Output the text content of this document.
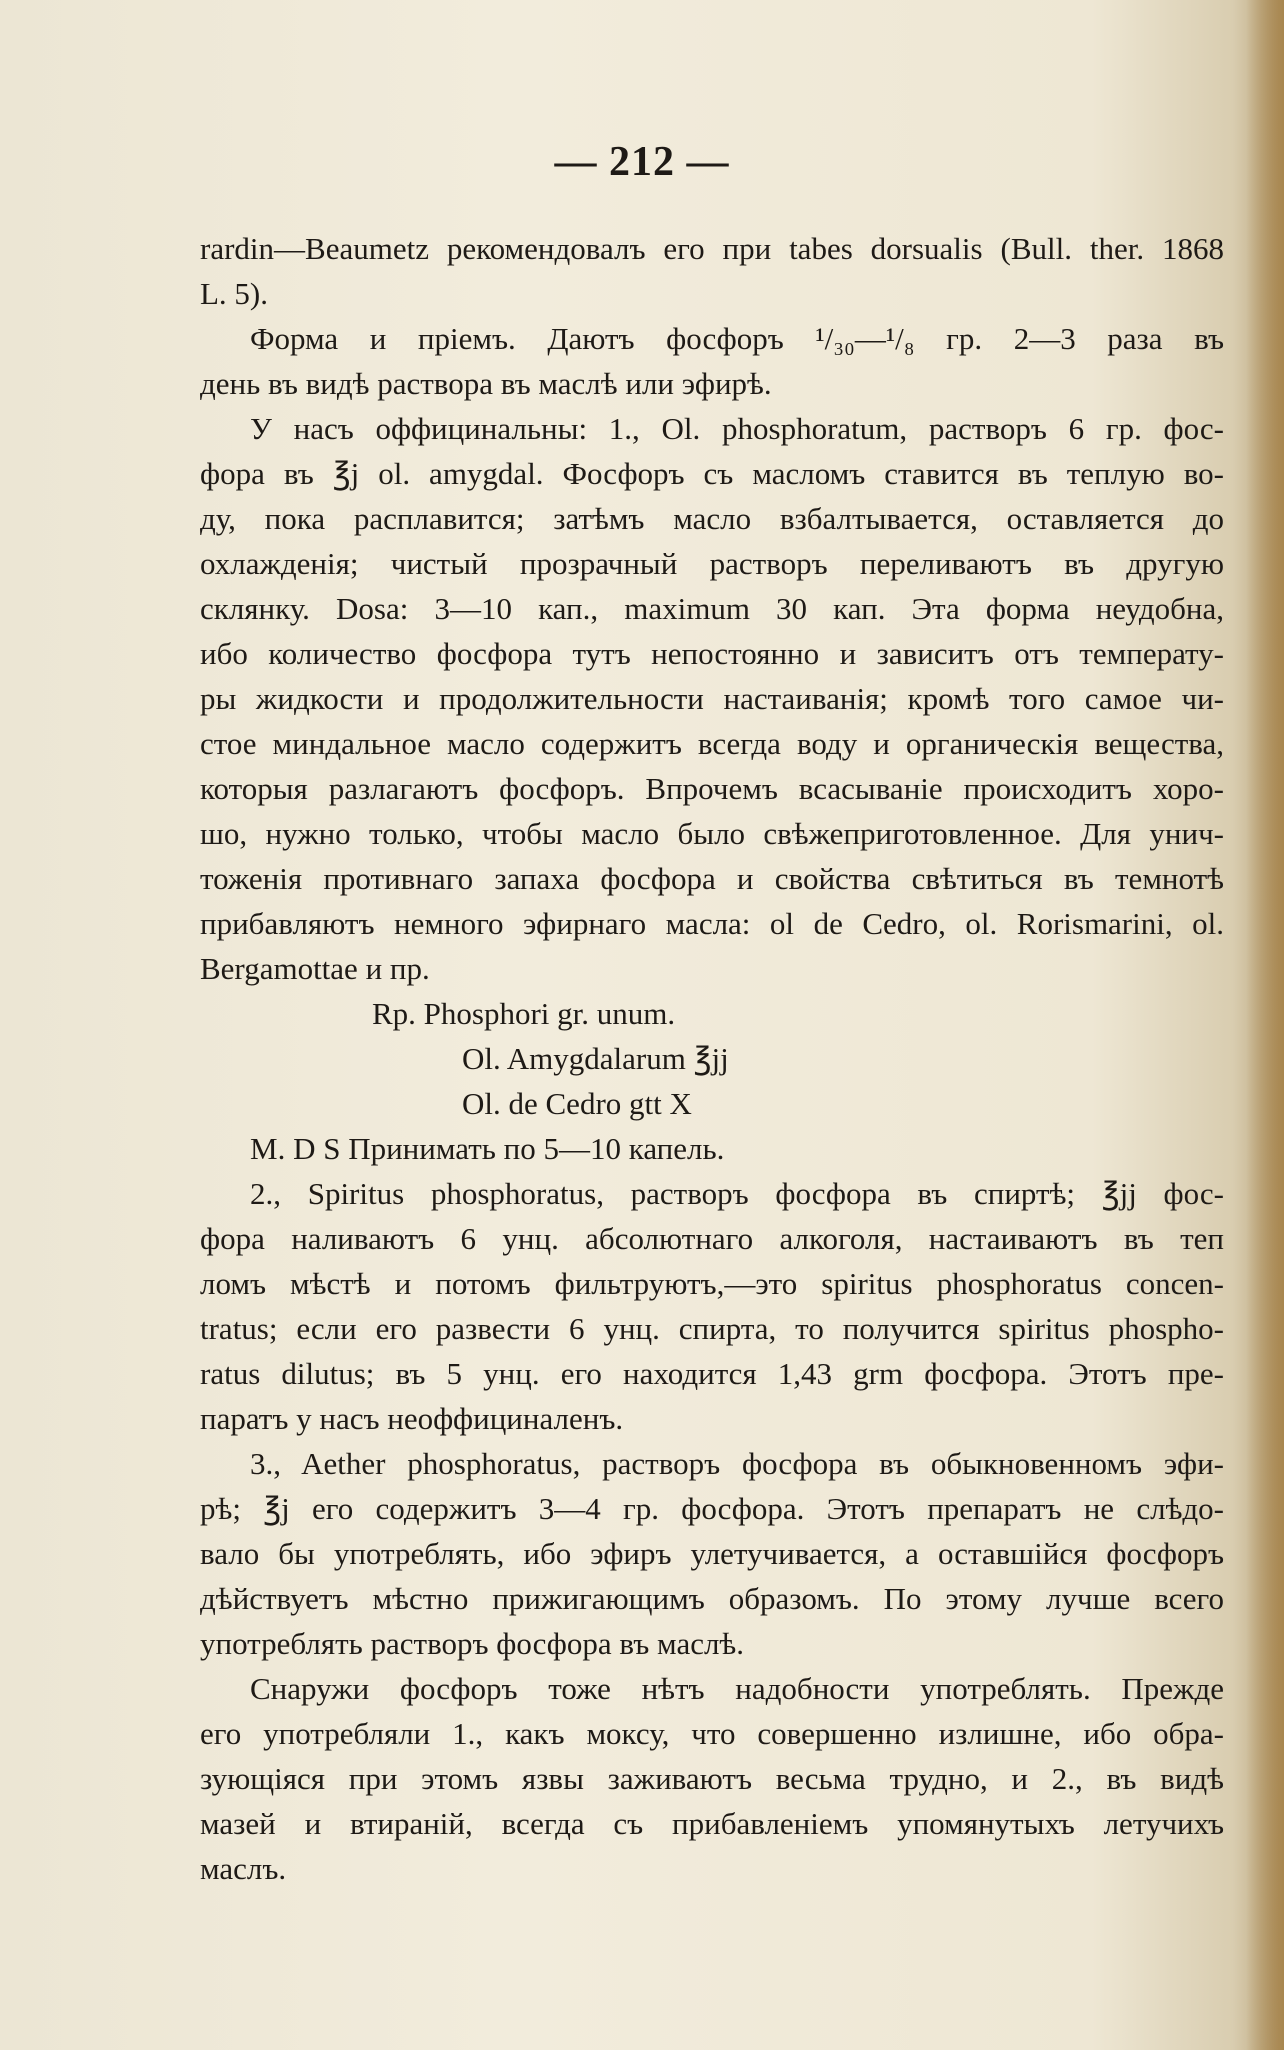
— 212 —
rardin—Beaumetz рекомендовалъ его при tabes dorsualis (Bull. ther. 1868
L. 5).
Форма и пріемъ. Даютъ фосфоръ ¹/₃₀—¹/₈ гр. 2—3 раза въ
день въ видѣ раствора въ маслѣ или эфирѣ.
У насъ оффицинальны: 1., Ol. phosphoratum, растворъ 6 гр. фос-
фора въ ℥j ol. amygdal. Фосфоръ съ масломъ ставится въ теплую во-
ду, пока расплавится; затѣмъ масло взбалтывается, оставляется до
охлажденія; чистый прозрачный растворъ переливаютъ въ другую
склянку. Dosa: 3—10 кап., maximum 30 кап. Эта форма неудобна,
ибо количество фосфора тутъ непостоянно и зависитъ отъ температу-
ры жидкости и продолжительности настаиванія; кромѣ того самое чи-
стое миндальное масло содержитъ всегда воду и органическія вещества,
которыя разлагаютъ фосфоръ. Впрочемъ всасываніе происходитъ хоро-
шо, нужно только, чтобы масло было свѣжеприготовленное. Для унич-
тоженія противнаго запаха фосфора и свойства свѣтиться въ темнотѣ
прибавляютъ немного эфирнаго масла: ol de Cedro, ol. Rorismarini, ol.
Bergamottae и пр.
Rp. Phosphori gr. unum.
Ol. Amygdalarum ℥jj
Ol. de Cedro gtt X
M. D S Принимать по 5—10 капель.
2., Spiritus phosphoratus, растворъ фосфора въ спиртѣ; ℥jj фос-
фора наливаютъ 6 унц. абсолютнаго алкоголя, настаиваютъ въ теп
ломъ мѣстѣ и потомъ фильтруютъ,—это spiritus phosphoratus concen-
tratus; если его развести 6 унц. спирта, то получится spiritus phospho-
ratus dilutus; въ 5 унц. его находится 1,43 grm фосфора. Этотъ пре-
паратъ у насъ неоффициналенъ.
3., Aether phosphoratus, растворъ фосфора въ обыкновенномъ эфи-
рѣ; ℥j его содержитъ 3—4 гр. фосфора. Этотъ препаратъ не слѣдо-
вало бы употреблять, ибо эфиръ улетучивается, а оставшійся фосфоръ
дѣйствуетъ мѣстно прижигающимъ образомъ. По этому лучше всего
употреблять растворъ фосфора въ маслѣ.
Снаружи фосфоръ тоже нѣтъ надобности употреблять. Прежде
его употребляли 1., какъ моксу, что совершенно излишне, ибо обра-
зующіяся при этомъ язвы заживаютъ весьма трудно, и 2., въ видѣ
мазей и втираній, всегда съ прибавленіемъ упомянутыхъ летучихъ
маслъ.
